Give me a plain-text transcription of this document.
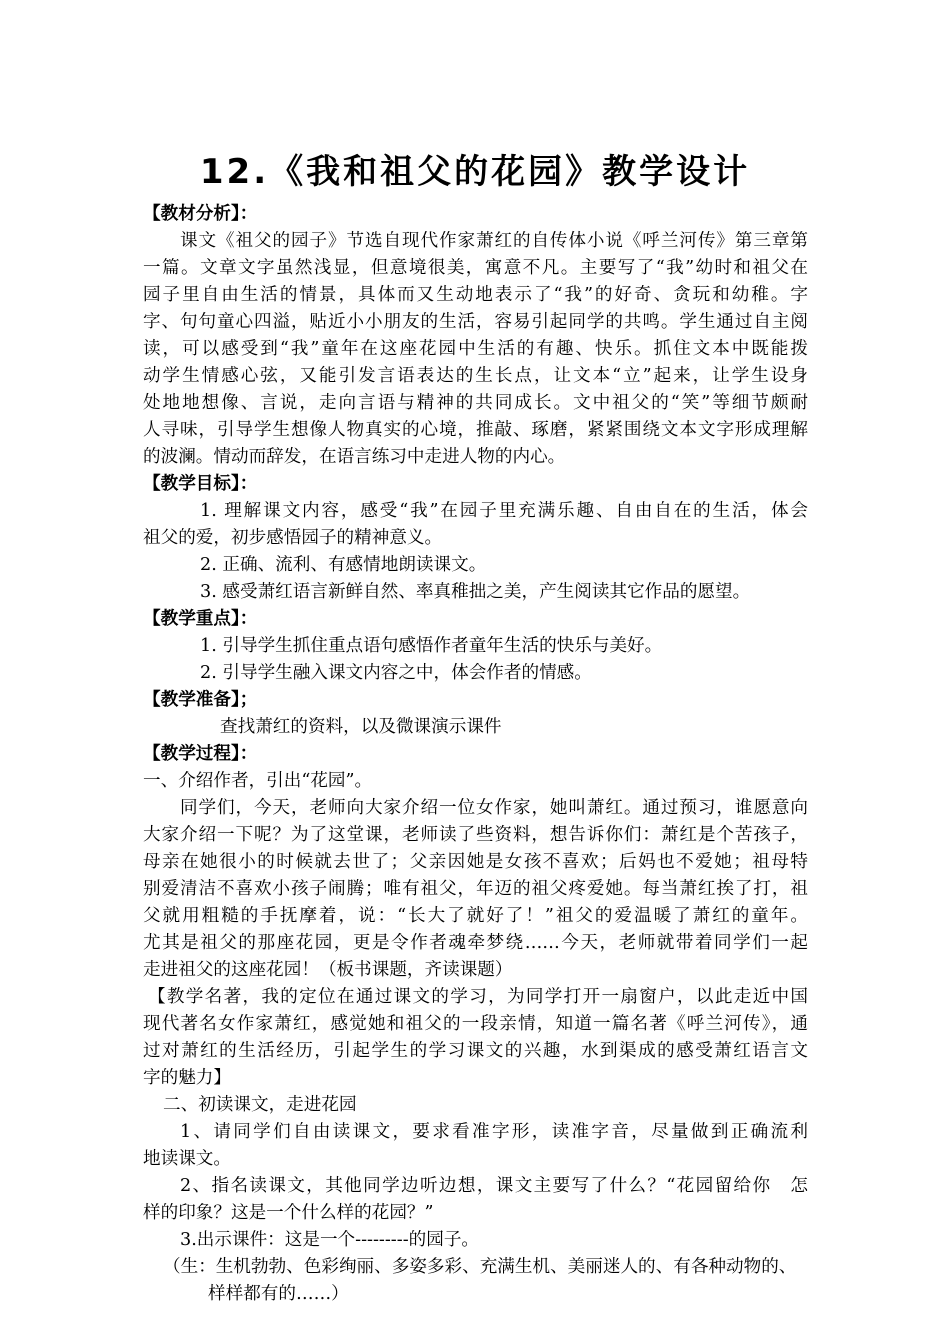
12.《我和祖父的花园》教学设计
【教材分析】：
课文《祖父的园子》节选自现代作家萧红的自传体小说《呼兰河传》第三章第
一篇。文章文字虽然浅显，但意境很美，寓意不凡。主要写了“我”幼时和祖父在
园子里自由生活的情景，具体而又生动地表示了“我”的好奇、贪玩和幼稚。字
字、句句童心四溢，贴近小小朋友的生活，容易引起同学的共鸣。学生通过自主阅
读，可以感受到“我”童年在这座花园中生活的有趣、快乐。抓住文本中既能拨
动学生情感心弦，又能引发言语表达的生长点，让文本“立”起来，让学生设身
处地地想像、言说，走向言语与精神的共同成长。文中祖父的“笑”等细节颇耐
人寻味，引导学生想像人物真实的心境，推敲、琢磨，紧紧围绕文本文字形成理解
的波澜。情动而辞发，在语言练习中走进人物的内心。
【教学目标】：
1. 理解课文内容，感受“我”在园子里充满乐趣、自由自在的生活，体会
祖父的爱，初步感悟园子的精神意义。
2. 正确、流利、有感情地朗读课文。
3. 感受萧红语言新鲜自然、率真稚拙之美，产生阅读其它作品的愿望。
【教学重点】：
1. 引导学生抓住重点语句感悟作者童年生活的快乐与美好。
2. 引导学生融入课文内容之中，体会作者的情感。
【教学准备】；
查找萧红的资料，以及微课演示课件
【教学过程】：
一、介绍作者，引出“花园”。
同学们，今天，老师向大家介绍一位女作家，她叫萧红。通过预习，谁愿意向
大家介绍一下呢？为了这堂课，老师读了些资料，想告诉你们：萧红是个苦孩子，
母亲在她很小的时候就去世了；父亲因她是女孩不喜欢；后妈也不爱她；祖母特
别爱清洁不喜欢小孩子闹腾；唯有祖父，年迈的祖父疼爱她。每当萧红挨了打，祖
父就用粗糙的手抚摩着，说：“长大了就好了！”祖父的爱温暖了萧红的童年。
尤其是祖父的那座花园，更是令作者魂牵梦绕……今天，老师就带着同学们一起
走进祖父的这座花园！（板书课题，齐读课题）
【教学名著，我的定位在通过课文的学习，为同学打开一扇窗户，以此走近中国
现代著名女作家萧红，感觉她和祖父的一段亲情，知道一篇名著《呼兰河传》，通
过对萧红的生活经历，引起学生的学习课文的兴趣，水到渠成的感受萧红语言文
字的魅力】
二、初读课文，走进花园
1、请同学们自由读课文，要求看准字形，读准字音，尽量做到正确流利
地读课文。
2、指名读课文，其他同学边听边想，课文主要写了什么？“花园留给你　怎
样的印象？这是一个什么样的花园？”
3.出示课件：这是一个---------的园子。
（生：生机勃勃、色彩绚丽、多姿多彩、充满生机、美丽迷人的、有各种动物的、
样样都有的……）
